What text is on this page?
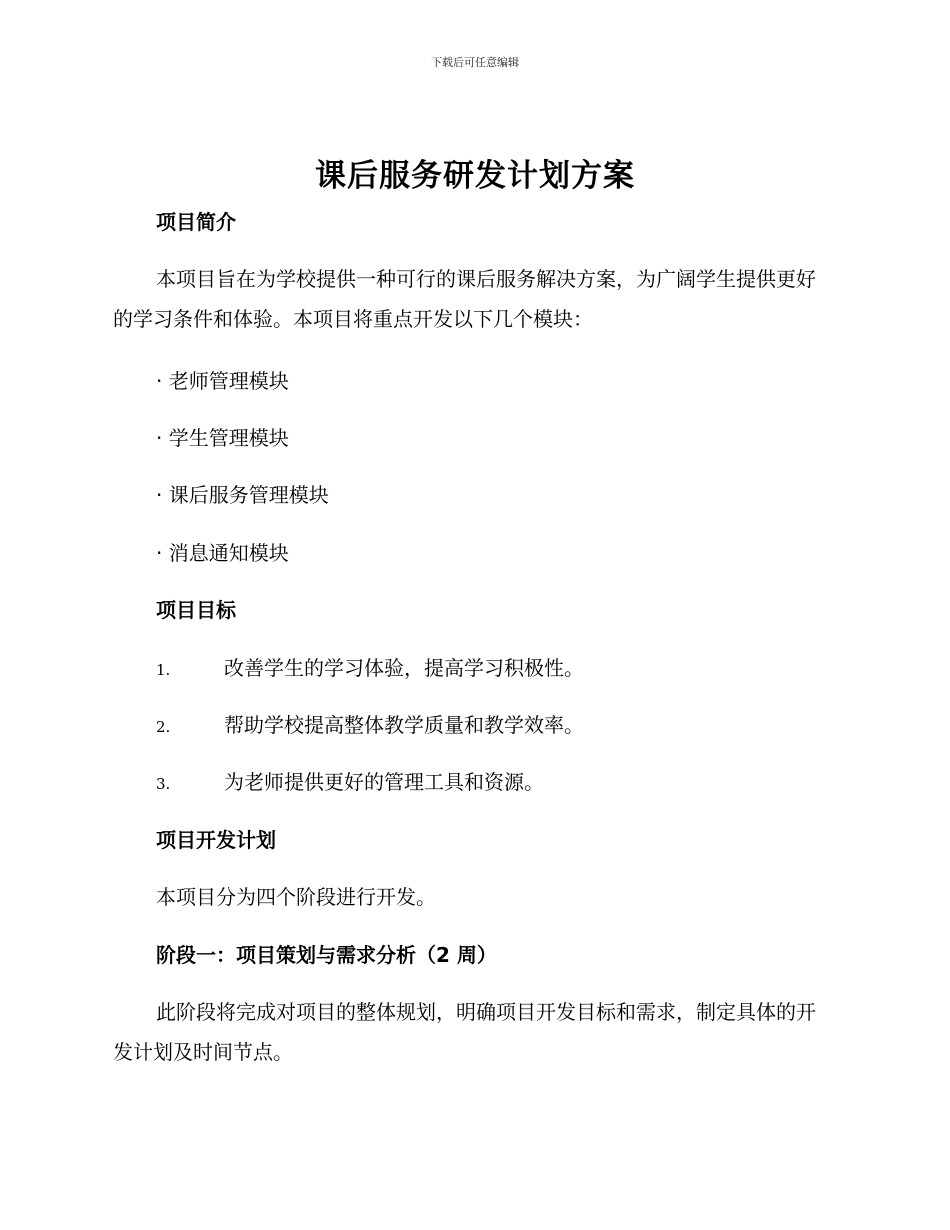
下载后可任意编辑
课后服务研发计划方案
项目简介
本项目旨在为学校提供一种可行的课后服务解决方案，为广阔学生提供更好的学习条件和体验。本项目将重点开发以下几个模块：
· 老师管理模块
· 学生管理模块
· 课后服务管理模块
· 消息通知模块
项目目标
1.	改善学生的学习体验，提高学习积极性。
2.	帮助学校提高整体教学质量和教学效率。
3.	为老师提供更好的管理工具和资源。
项目开发计划
本项目分为四个阶段进行开发。
阶段一：项目策划与需求分析（2 周）
此阶段将完成对项目的整体规划，明确项目开发目标和需求，制定具体的开发计划及时间节点。
